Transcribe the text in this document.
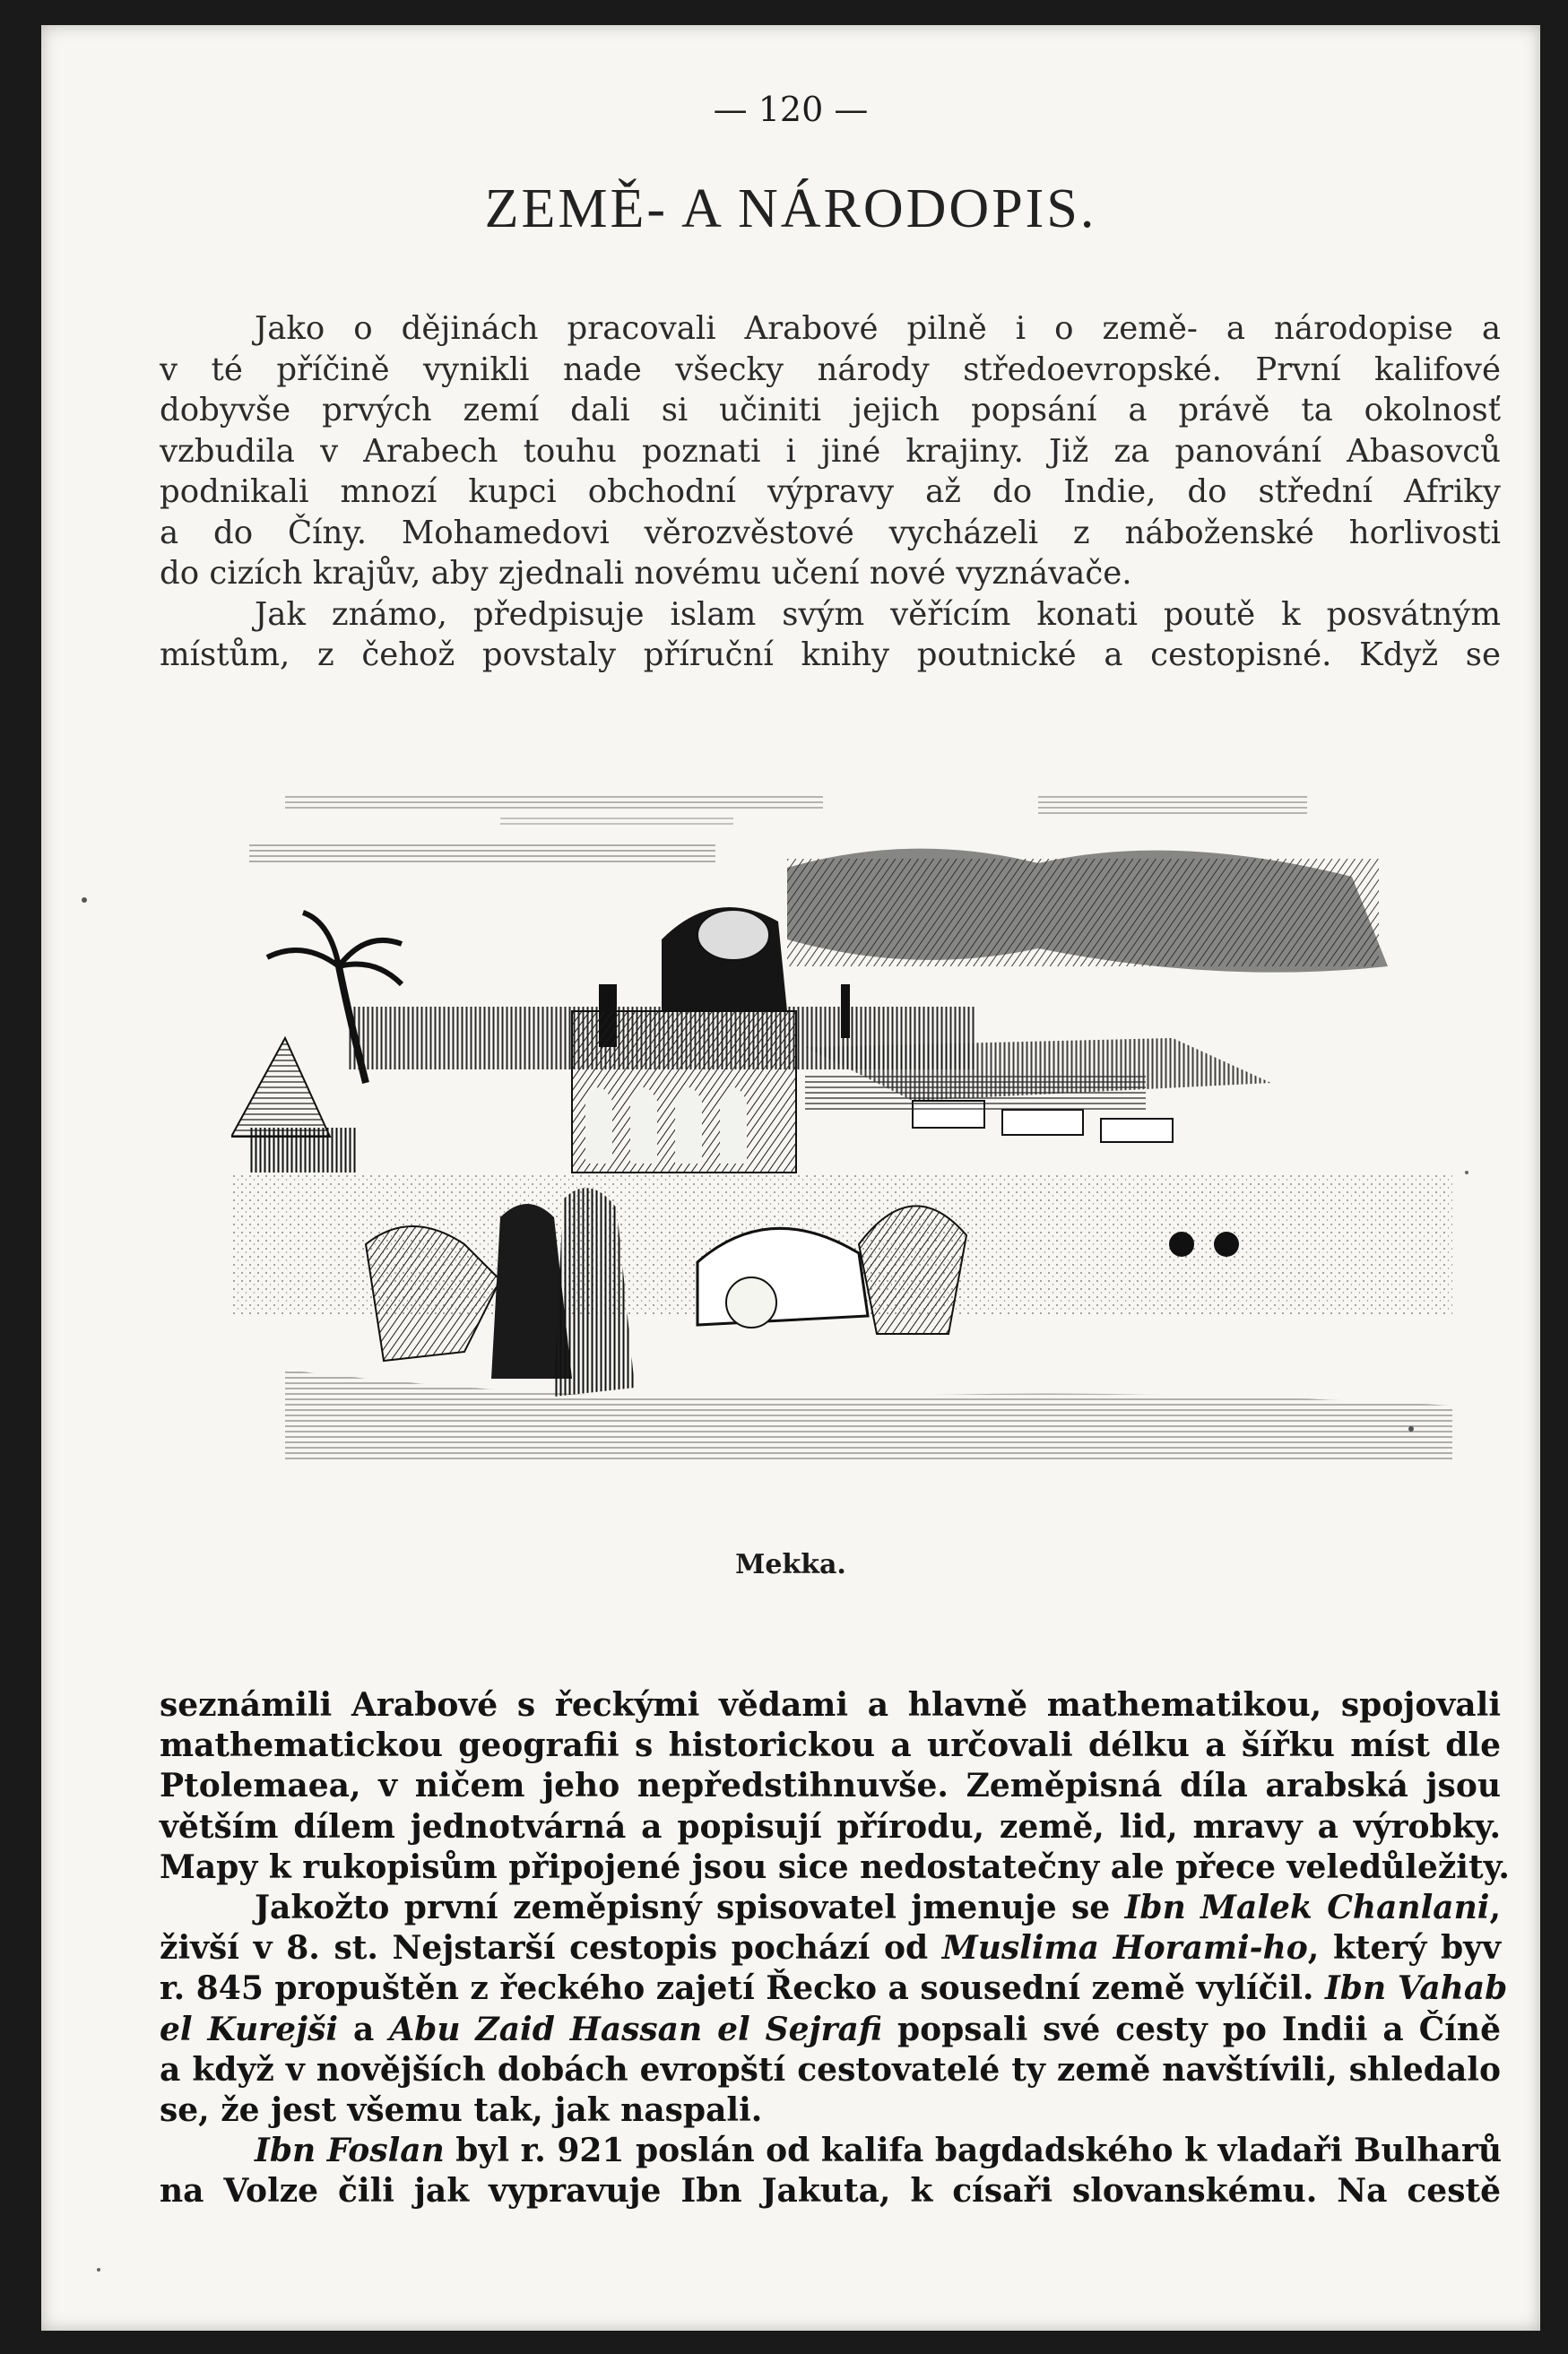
— 120 —
ZEMĚ- A NÁRODOPIS.
Jako o dějinách pracovali Arabové pilně i o země- a národopise a
v té příčině vynikli nade všecky národy středoevropské. První kalifové
dobyvše prvých zemí dali si učiniti jejich popsání a právě ta okolnosť
vzbudila v Arabech touhu poznati i jiné krajiny. Již za panování Abasovců
podnikali mnozí kupci obchodní výpravy až do Indie, do střední Afriky
a do Číny. Mohamedovi věrozvěstové vycházeli z náboženské horlivosti
do cizích krajův, aby zjednali novému učení nové vyznávače.
Jak známo, předpisuje islam svým věřícím konati poutě k posvátným
místům, z čehož povstaly příruční knihy poutnické a cestopisné. Když se
Mekka.
seznámili Arabové s řeckými vědami a hlavně mathematikou, spojovali
mathematickou geografii s historickou a určovali délku a šířku míst dle
Ptolemaea, v ničem jeho nepředstihnuvše. Zeměpisná díla arabská jsou
větším dílem jednotvárná a popisují přírodu, země, lid, mravy a výrobky.
Mapy k rukopisům připojené jsou sice nedostatečny ale přece veledůležity.
Jakožto první zeměpisný spisovatel jmenuje se Ibn Malek Chanlani,
živší v 8. st. Nejstarší cestopis pochází od Muslima Horami-ho, který byv
r. 845 propuštěn z řeckého zajetí Řecko a sousední země vylíčil. Ibn Vahab
el Kurejši a Abu Zaid Hassan el Sejrafi popsali své cesty po Indii a Číně
a když v novějších dobách evropští cestovatelé ty země navštívili, shledalo
se, že jest všemu tak, jak naspali.
Ibn Foslan byl r. 921 poslán od kalifa bagdadského k vladaři Bulharů
na Volze čili jak vypravuje Ibn Jakuta, k císaři slovanskému. Na cestě
